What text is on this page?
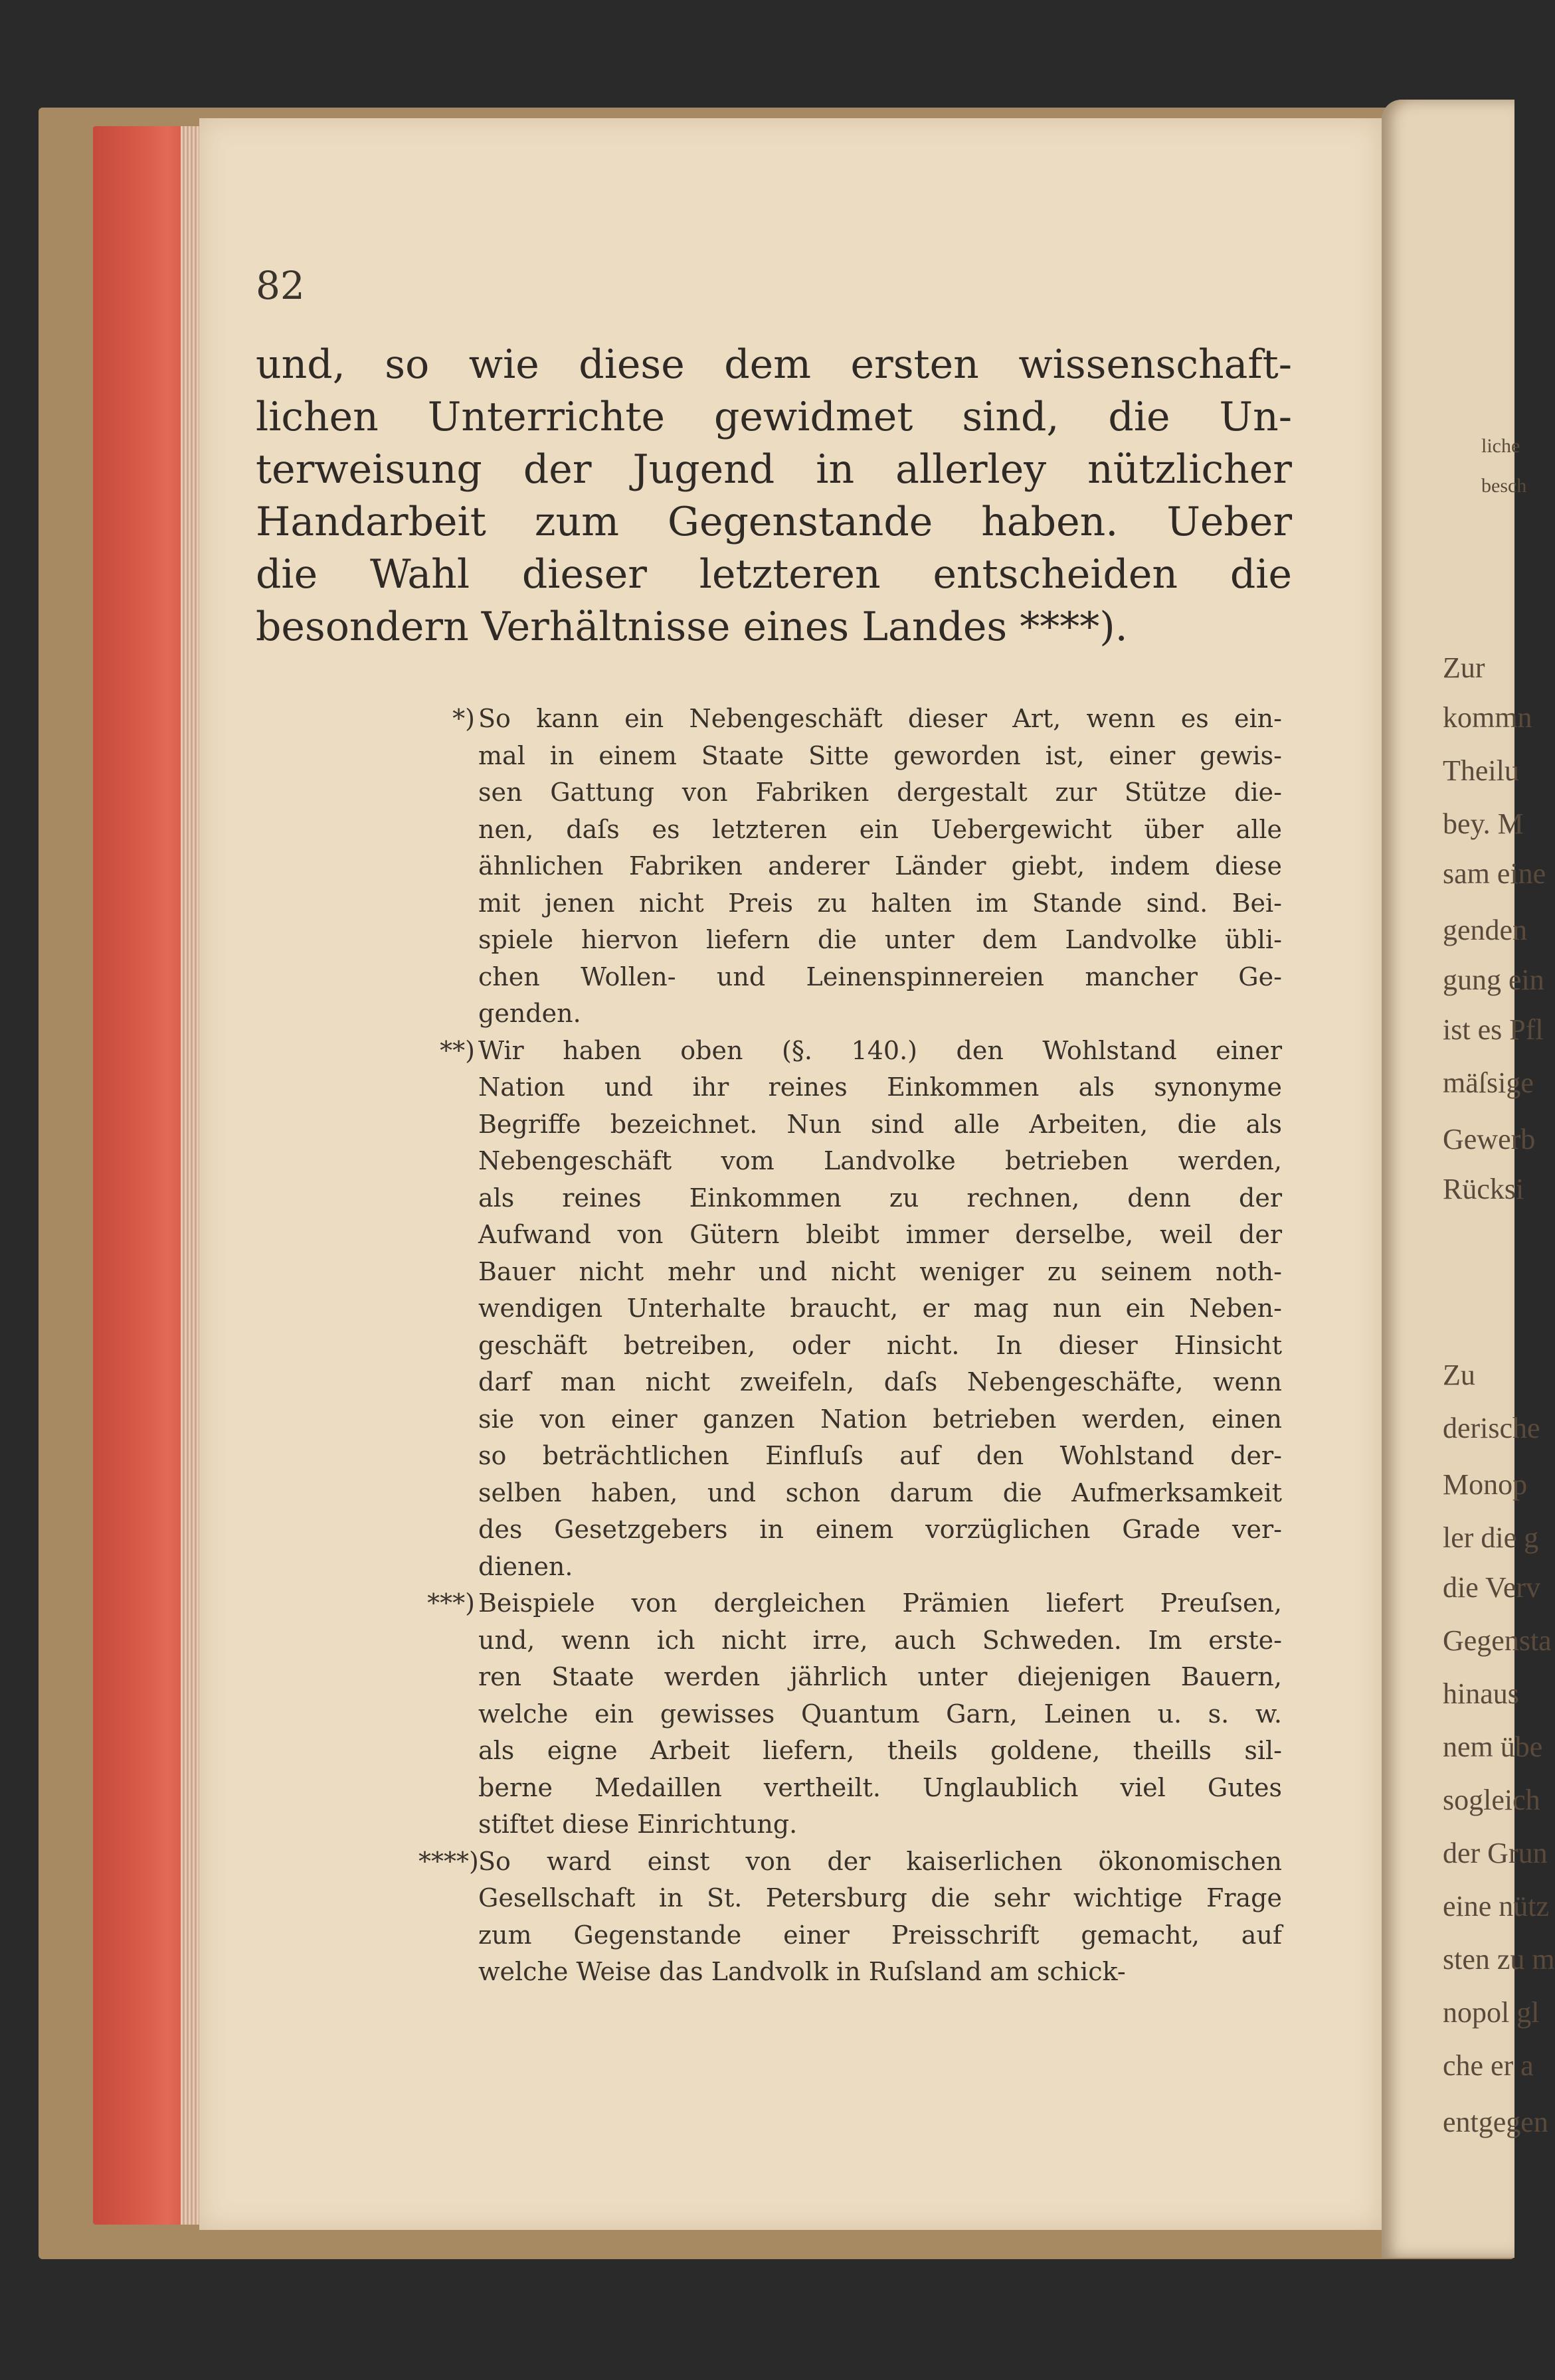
82
und, so wie diese dem ersten wissenschaft-
lichen Unterrichte gewidmet sind, die Un-
terweisung der Jugend in allerley nützlicher
Handarbeit zum Gegenstande haben. Ueber
die Wahl dieser letzteren entscheiden die
besondern Verhältnisse eines Landes ****).
*) So kann ein Nebengeschäft dieser Art, wenn es ein-
mal in einem Staate Sitte geworden ist, einer gewis-
sen Gattung von Fabriken dergestalt zur Stütze die-
nen, daſs es letzteren ein Uebergewicht über alle
ähnlichen Fabriken anderer Länder giebt, indem diese
mit jenen nicht Preis zu halten im Stande sind. Bei-
spiele hiervon liefern die unter dem Landvolke übli-
chen Wollen- und Leinenspinnereien mancher Ge-
genden.
**) Wir haben oben (§. 140.) den Wohlstand einer
Nation und ihr reines Einkommen als synonyme
Begriffe bezeichnet. Nun sind alle Arbeiten, die als
Nebengeschäft vom Landvolke betrieben werden,
als reines Einkommen zu rechnen, denn der
Aufwand von Gütern bleibt immer derselbe, weil der
Bauer nicht mehr und nicht weniger zu seinem noth-
wendigen Unterhalte braucht, er mag nun ein Neben-
geschäft betreiben, oder nicht. In dieser Hinsicht
darf man nicht zweifeln, daſs Nebengeschäfte, wenn
sie von einer ganzen Nation betrieben werden, einen
so beträchtlichen Einfluſs auf den Wohlstand der-
selben haben, und schon darum die Aufmerksamkeit
des Gesetzgebers in einem vorzüglichen Grade ver-
dienen.
***) Beispiele von dergleichen Prämien liefert Preuſsen,
und, wenn ich nicht irre, auch Schweden. Im erste-
ren Staate werden jährlich unter diejenigen Bauern,
welche ein gewisses Quantum Garn, Leinen u. s. w.
als eigne Arbeit liefern, theils goldene, theills sil-
berne Medaillen vertheilt. Unglaublich viel Gutes
stiftet diese Einrichtung.
****) So ward einst von der kaiserlichen ökonomischen
Gesellschaft in St. Petersburg die sehr wichtige Frage
zum Gegenstande einer Preisschrift gemacht, auf
welche Weise das Landvolk in Ruſsland am schick-
liche
besch
Zur
kommn
Theilu
bey. M
sam eine
genden
gung ein
ist es Pfl
mäſsige
Gewerb
Rücksi
Zu
derische
Monop
ler die g
die Verv
Gegensta
hinaus
nem übe
sogleich
der Grun
eine nütz
sten zu m
nopol gl
che er a
entgegen
